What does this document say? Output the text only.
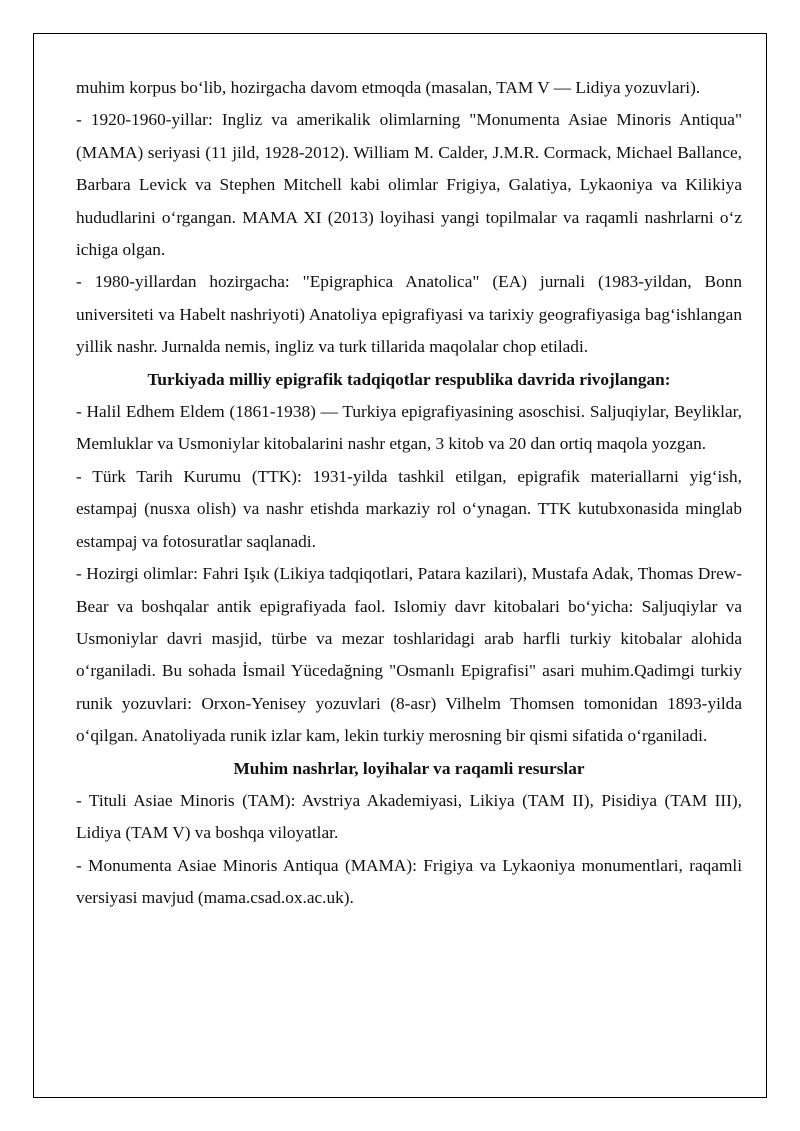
muhim korpus bo‘lib, hozirgacha davom etmoqda (masalan, TAM V — Lidiya yozuvlari).

- 1920-1960-yillar: Ingliz va amerikalik olimlarning "Monumenta Asiae Minoris Antiqua" (MAMA) seriyasi (11 jild, 1928-2012). William M. Calder, J.M.R. Cormack, Michael Ballance, Barbara Levick va Stephen Mitchell kabi olimlar Frigiya, Galatiya, Lykaoniya va Kilikiya hududlarini o‘rgangan. MAMA XI (2013) loyihasi yangi topilmalar va raqamli nashrlarni o‘z ichiga olgan.

- 1980-yillardan hozirgacha: "Epigraphica Anatolica" (EA) jurnali (1983-yildan, Bonn universiteti va Habelt nashriyoti) Anatoliya epigrafiyasi va tarixiy geografiyasiga bag‘ishlangan yillik nashr. Jurnalda nemis, ingliz va turk tillarida maqolalar chop etiladi.

Turkiyada milliy epigrafik tadqiqotlar respublika davrida rivojlangan:

- Halil Edhem Eldem (1861-1938) — Turkiya epigrafiyasining asoschisi. Saljuqiylar, Beyliklar, Memluklar va Usmoniylar kitobalarini nashr etgan, 3 kitob va 20 dan ortiq maqola yozgan.

- Türk Tarih Kurumu (TTK): 1931-yilda tashkil etilgan, epigrafik materiallarni yig‘ish, estampaj (nusxa olish) va nashr etishda markaziy rol o‘ynagan. TTK kutubxonasida minglab estampaj va fotosuratlar saqlanadi.

- Hozirgi olimlar: Fahri Işık (Likiya tadqiqotlari, Patara kazilari), Mustafa Adak, Thomas Drew-Bear va boshqalar antik epigrafiyada faol. Islomiy davr kitobalari bo‘yicha: Saljuqiylar va Usmoniylar davri masjid, türbe va mezar toshlaridagi arab harfli turkiy kitobalar alohida o‘rganiladi. Bu sohada İsmail Yücedağning "Osmanlı Epigrafisi" asari muhim.Qadimgi turkiy runik yozuvlari: Orxon-Yenisey yozuvlari (8-asr) Vilhelm Thomsen tomonidan 1893-yilda o‘qilgan. Anatoliyada runik izlar kam, lekin turkiy merosning bir qismi sifatida o‘rganiladi.

Muhim nashrlar, loyihalar va raqamli resurslar

- Tituli Asiae Minoris (TAM): Avstriya Akademiyasi, Likiya (TAM II), Pisidiya (TAM III), Lidiya (TAM V) va boshqa viloyatlar.

- Monumenta Asiae Minoris Antiqua (MAMA): Frigiya va Lykaoniya monumentlari, raqamli versiyasi mavjud (mama.csad.ox.ac.uk).
